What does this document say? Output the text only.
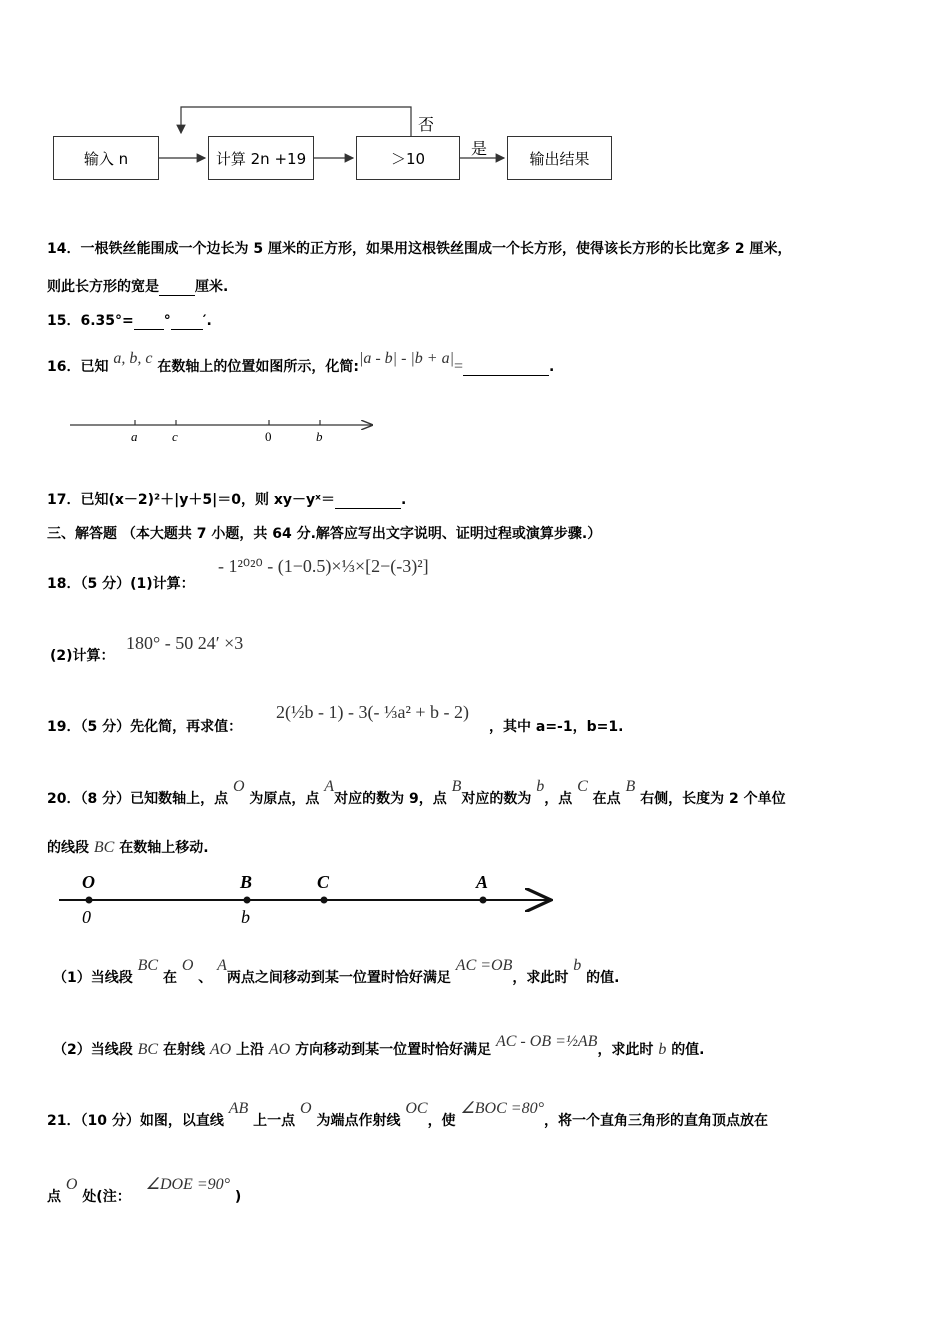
输入 n	计算 2n +19	＞10	输出结果
否
是
14．一根铁丝能围成一个边长为 5 厘米的正方形，如果用这根铁丝围成一个长方形，使得该长方形的长比宽多 2 厘米，
则此长方形的宽是	厘米.
15．6.35°= ° ′.
16．已知 a, b, c 在数轴上的位置如图所示，化简:|a - b| - |b + a|=	.
a	c	0	b
17．已知(x－2)²＋|y＋5|＝0，则 xy－yˣ＝	.
三、解答题 （本大题共 7 小题，共 64 分.解答应写出文字说明、证明过程或演算步骤.）
18．（5 分）(1)计算：
- 1²⁰²⁰ - (1−0.5)×⅓×[2−(-3)²]
(2)计算：
180° - 50 24′ ×3
19．（5 分）先化简，再求值：
2(½b - 1) - 3(- ⅓a² + b - 2)
，其中 a=-1，b=1.
20．（8 分）已知数轴上，点 O 为原点，点 A对应的数为 9，点 B对应的数为 b，点 C 在点 B 右侧，长度为 2 个单位
的线段 BC 在数轴上移动.
O	B	C	A
0	b
（1）当线段 BC 在 O 、 A两点之间移动到某一位置时恰好满足 AC =OB，求此时 b 的值.
（2）当线段 BC 在射线 AO 上沿 AO 方向移动到某一位置时恰好满足 AC - OB =½AB，求此时 b 的值.
21．（10 分）如图，以直线 AB 上一点 O 为端点作射线 OC，使 ∠BOC =80°，将一个直角三角形的直角顶点放在
点 O 处(注： ∠DOE =90° )
